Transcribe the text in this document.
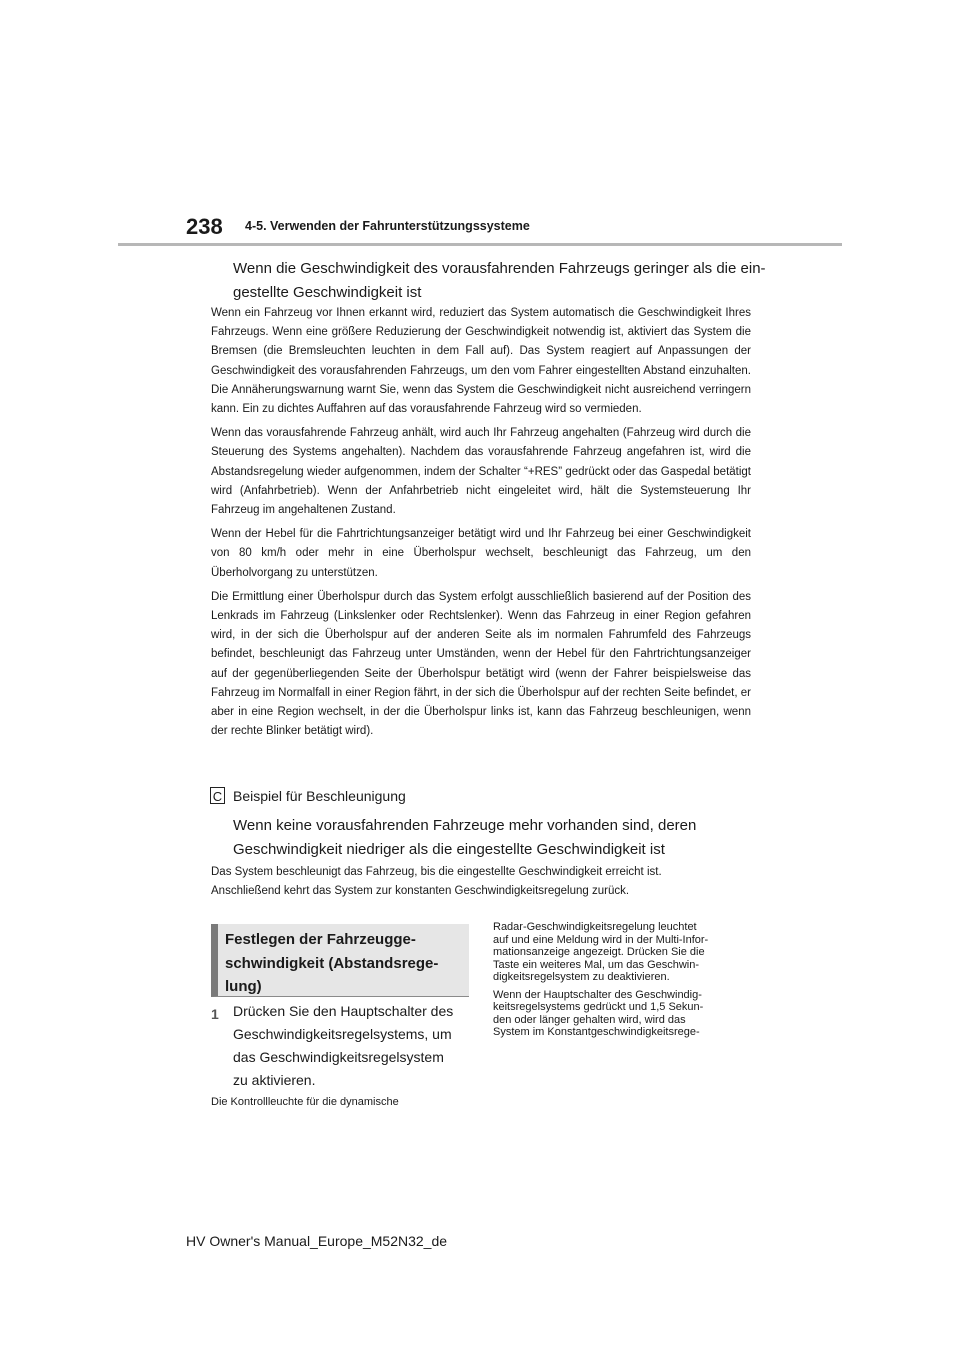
238 4-5. Verwenden der Fahrunterstützungssysteme

Wenn die Geschwindigkeit des vorausfahrenden Fahrzeugs geringer als die ein-

gestellte Geschwindigkeit ist

Wenn ein Fahrzeug vor Ihnen erkannt wird, reduziert das System automatisch die Geschwindigkeit Ihres Fahrzeugs. Wenn eine größere Reduzierung der Geschwindigkeit notwendig ist, aktiviert das System die Bremsen (die Bremsleuchten leuchten in dem Fall auf). Das System reagiert auf Anpassungen der Geschwindigkeit des vorausfahrenden Fahrzeugs, um den vom Fahrer eingestellten Abstand einzuhalten. Die Annäherungswarnung warnt Sie, wenn das System die Geschwindigkeit nicht ausreichend verringern kann. Ein zu dichtes Auffahren auf das vorausfahrende Fahrzeug wird so vermieden.

Wenn das vorausfahrende Fahrzeug anhält, wird auch Ihr Fahrzeug angehalten (Fahrzeug wird durch die Steuerung des Systems angehalten). Nachdem das vorausfahrende Fahrzeug angefahren ist, wird die Abstandsregelung wieder aufgenommen, indem der Schalter “+RES” gedrückt oder das Gaspedal betätigt wird (Anfahrbetrieb). Wenn der Anfahrbetrieb nicht eingeleitet wird, hält die Systemsteuerung Ihr Fahrzeug im angehaltenen Zustand.

Wenn der Hebel für die Fahrtrichtungsanzeiger betätigt wird und Ihr Fahrzeug bei einer Geschwindigkeit von 80 km/h oder mehr in eine Überholspur wechselt, beschleunigt das Fahrzeug, um den Überholvorgang zu unterstützen.

Die Ermittlung einer Überholspur durch das System erfolgt ausschließlich basierend auf der Position des Lenkrads im Fahrzeug (Linkslenker oder Rechtslenker). Wenn das Fahrzeug in einer Region gefahren wird, in der sich die Überholspur auf der anderen Seite als im normalen Fahrumfeld des Fahrzeugs befindet, beschleunigt das Fahrzeug unter Umständen, wenn der Hebel für den Fahrtrichtungsanzeiger auf der gegenüberliegenden Seite der Überholspur betätigt wird (wenn der Fahrer beispielsweise das Fahrzeug im Normalfall in einer Region fährt, in der sich die Überholspur auf der rechten Seite befindet, er aber in eine Region wechselt, in der die Überholspur links ist, kann das Fahrzeug beschleunigen, wenn der rechte Blinker betätigt wird).

C Beispiel für Beschleunigung

Wenn keine vorausfahrenden Fahrzeuge mehr vorhanden sind, deren

Geschwindigkeit niedriger als die eingestellte Geschwindigkeit ist

Das System beschleunigt das Fahrzeug, bis die eingestellte Geschwindigkeit erreicht ist.

Anschließend kehrt das System zur konstanten Geschwindigkeitsregelung zurück.

Festlegen der Fahrzeugge-

schwindigkeit (Abstandsrege-

lung)

1 Drücken Sie den Hauptschalter des

Geschwindigkeitsregelsystems, um

das Geschwindigkeitsregelsystem

zu aktivieren.

Die Kontrollleuchte für die dynamische
Radar-Geschwindigkeitsregelung leuchtet
auf und eine Meldung wird in der Multi-Infor-
mationsanzeige angezeigt. Drücken Sie die
Taste ein weiteres Mal, um das Geschwin-
digkeitsregelsystem zu deaktivieren.
Wenn der Hauptschalter des Geschwindig-
keitsregelsystems gedrückt und 1,5 Sekun-
den oder länger gehalten wird, wird das
System im Konstantgeschwindigkeitsrege-
HV Owner's Manual_Europe_M52N32_de
